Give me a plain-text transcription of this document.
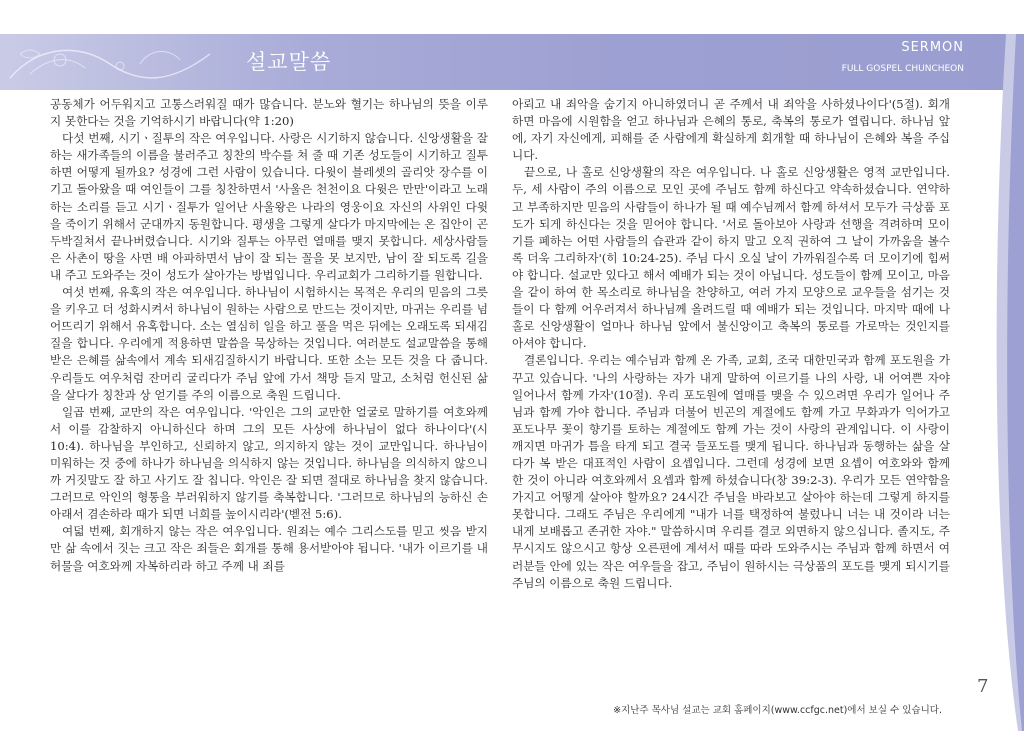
설교말씀
SERMON
FULL GOSPEL CHUNCHEON

공동체가 어두워지고 고통스러워질 때가 많습니다. 분노와 혈기는 하나님의 뜻을 이루지 못한다는 것을 기억하시기 바랍니다(약 1:20)

다섯 번째, 시기ㆍ질투의 작은 여우입니다. 사랑은 시기하지 않습니다. 신앙생활을 잘하는 새가족들의 이름을 불러주고 칭찬의 박수를 쳐 줄 때 기존 성도들이 시기하고 질투하면 어떻게 될까요? 성경에 그런 사람이 있습니다. 다윗이 블레셋의 골리앗 장수를 이기고 돌아왔을 때 여인들이 그를 칭찬하면서 '사울은 천천이요 다윗은 만만'이라고 노래하는 소리를 듣고 시기ㆍ질투가 일어난 사울왕은 나라의 영웅이요 자신의 사위인 다윗을 죽이기 위해서 군대까지 동원합니다. 평생을 그렇게 살다가 마지막에는 온 집안이 곤두박질쳐서 끝나버렸습니다. 시기와 질투는 아무런 열매를 맺지 못합니다. 세상사람들은 사촌이 땅을 사면 배 아파하면서 남이 잘 되는 꼴을 못 보지만, 남이 잘 되도록 길을 내 주고 도와주는 것이 성도가 살아가는 방법입니다. 우리교회가 그리하기를 원합니다.

여섯 번째, 유혹의 작은 여우입니다. 하나님이 시험하시는 목적은 우리의 믿음의 그릇을 키우고 더 성화시켜서 하나님이 원하는 사람으로 만드는 것이지만, 마귀는 우리를 넘어뜨리기 위해서 유혹합니다. 소는 열심히 일을 하고 풀을 먹은 뒤에는 오래도록 되새김질을 합니다. 우리에게 적용하면 말씀을 묵상하는 것입니다. 여러분도 설교말씀을 통해 받은 은혜를 삶속에서 계속 되새김질하시기 바랍니다. 또한 소는 모든 것을 다 줍니다. 우리들도 여우처럼 잔머리 굴리다가 주님 앞에 가서 책망 듣지 말고, 소처럼 헌신된 삶을 살다가 칭찬과 상 얻기를 주의 이름으로 축원 드립니다.

일곱 번째, 교만의 작은 여우입니다. '악인은 그의 교만한 얼굴로 말하기를 여호와께서 이를 감찰하지 아니하신다 하며 그의 모든 사상에 하나님이 없다 하나이다'(시 10:4). 하나님을 부인하고, 신뢰하지 않고, 의지하지 않는 것이 교만입니다. 하나님이 미워하는 것 중에 하나가 하나님을 의식하지 않는 것입니다. 하나님을 의식하지 않으니까 거짓말도 잘 하고 사기도 잘 칩니다. 악인은 잘 되면 절대로 하나님을 찾지 않습니다. 그러므로 악인의 형통을 부러워하지 않기를 축복합니다. '그러므로 하나님의 능하신 손 아래서 겸손하라 때가 되면 너희를 높이시리라'(벧전 5:6).

여덟 번째, 회개하지 않는 작은 여우입니다. 원죄는 예수 그리스도를 믿고 씻음 받지만 삶 속에서 짓는 크고 작은 죄들은 회개를 통해 용서받아야 됩니다. '내가 이르기를 내 허물을 여호와께 자복하리라 하고 주께 내 죄를

아뢰고 내 죄악을 숨기지 아니하였더니 곧 주께서 내 죄악을 사하셨나이다'(5절). 회개하면 마음에 시원함을 얻고 하나님과 은혜의 통로, 축복의 통로가 열립니다. 하나님 앞에, 자기 자신에게, 피해를 준 사람에게 확실하게 회개할 때 하나님이 은혜와 복을 주십니다.

끝으로, 나 홀로 신앙생활의 작은 여우입니다. 나 홀로 신앙생활은 영적 교만입니다. 두, 세 사람이 주의 이름으로 모인 곳에 주님도 함께 하신다고 약속하셨습니다. 연약하고 부족하지만 믿음의 사람들이 하나가 될 때 예수님께서 함께 하셔서 모두가 극상품 포도가 되게 하신다는 것을 믿어야 합니다. '서로 돌아보아 사랑과 선행을 격려하며 모이기를 폐하는 어떤 사람들의 습관과 같이 하지 말고 오직 권하여 그 날이 가까움을 볼수록 더욱 그리하자'(히 10:24-25). 주님 다시 오실 날이 가까워질수록 더 모이기에 힘써야 합니다. 설교만 있다고 해서 예배가 되는 것이 아닙니다. 성도들이 함께 모이고, 마음을 같이 하여 한 목소리로 하나님을 찬양하고, 여러 가지 모양으로 교우들을 섬기는 것들이 다 함께 어우러져서 하나님께 올려드릴 때 예배가 되는 것입니다. 마지막 때에 나 홀로 신앙생활이 얼마나 하나님 앞에서 불신앙이고 축복의 통로를 가로막는 것인지를 아셔야 합니다.

결론입니다. 우리는 예수님과 함께 온 가족, 교회, 조국 대한민국과 함께 포도원을 가꾸고 있습니다. '나의 사랑하는 자가 내게 말하여 이르기를 나의 사랑, 내 어여쁜 자야 일어나서 함께 가자'(10절). 우리 포도원에 열매를 맺을 수 있으려면 우리가 일어나 주님과 함께 가야 합니다. 주님과 더불어 빈곤의 계절에도 함께 가고 무화과가 익어가고 포도나무 꽃이 향기를 토하는 계절에도 함께 가는 것이 사랑의 관계입니다. 이 사랑이 깨지면 마귀가 틈을 타게 되고 결국 들포도를 맺게 됩니다. 하나님과 동행하는 삶을 살다가 복 받은 대표적인 사람이 요셉입니다. 그런데 성경에 보면 요셉이 여호와와 함께 한 것이 아니라 여호와께서 요셉과 함께 하셨습니다(창 39:2-3). 우리가 모든 연약함을 가지고 어떻게 살아야 할까요? 24시간 주님을 바라보고 살아야 하는데 그렇게 하지를 못합니다. 그래도 주님은 우리에게 "내가 너를 택정하여 불렀나니 너는 내 것이라 너는 내게 보배롭고 존귀한 자야." 말씀하시며 우리를 결코 외면하지 않으십니다. 졸지도, 주무시지도 않으시고 항상 오른편에 계셔서 때를 따라 도와주시는 주님과 함께 하면서 여러분들 안에 있는 작은 여우들을 잡고, 주님이 원하시는 극상품의 포도를 맺게 되시기를 주님의 이름으로 축원 드립니다.

7
※지난주 목사님 설교는 교회 홈페이지(www.ccfgc.net)에서 보실 수 있습니다.
